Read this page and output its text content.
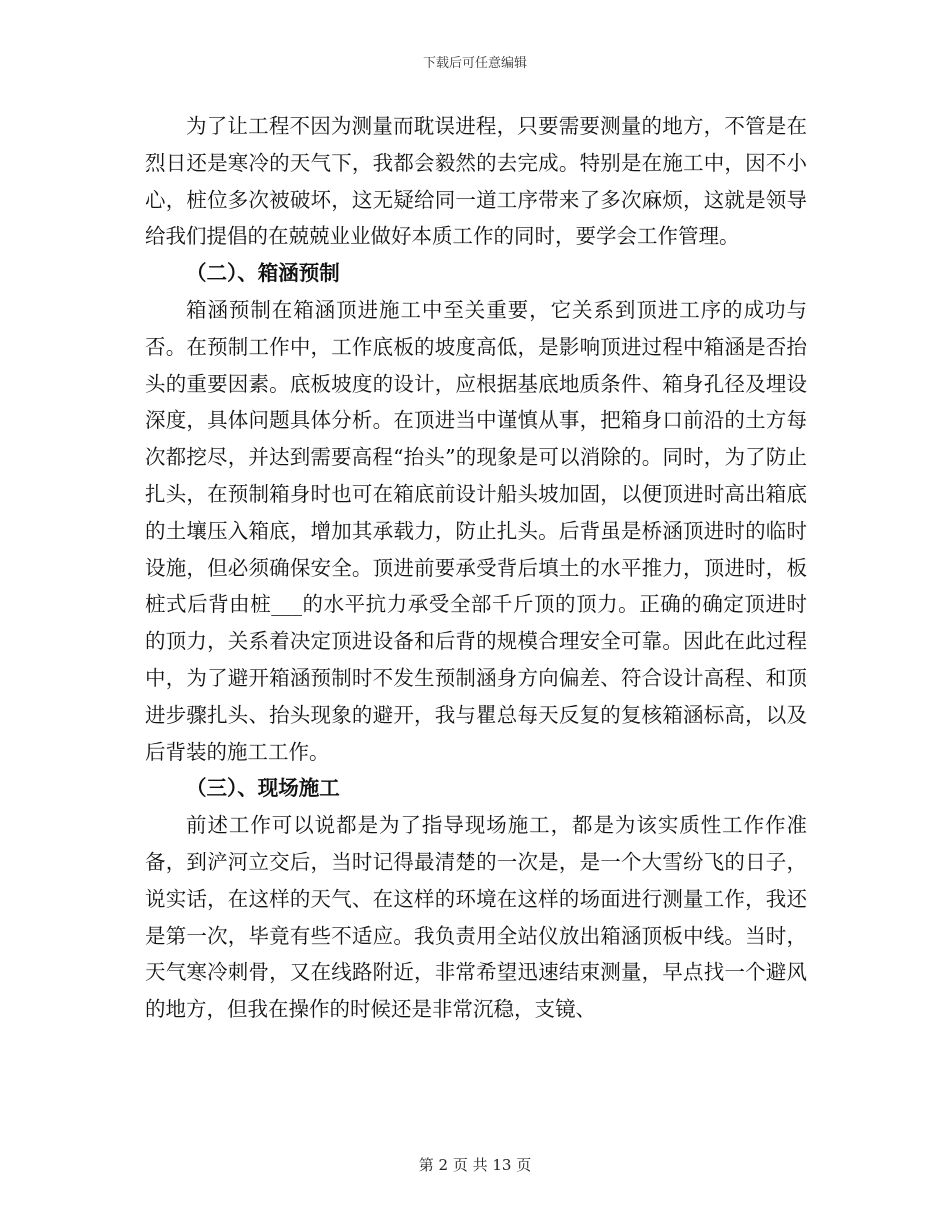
下载后可任意编辑

为了让工程不因为测量而耽误进程，只要需要测量的地方，不管是在烈日还是寒冷的天气下，我都会毅然的去完成。特别是在施工中，因不小心，桩位多次被破坏，这无疑给同一道工序带来了多次麻烦，这就是领导给我们提倡的在兢兢业业做好本质工作的同时，要学会工作管理。

（二）、箱涵预制

箱涵预制在箱涵顶进施工中至关重要，它关系到顶进工序的成功与否。在预制工作中，工作底板的坡度高低，是影响顶进过程中箱涵是否抬头的重要因素。底板坡度的设计，应根据基底地质条件、箱身孔径及埋设深度，具体问题具体分析。在顶进当中谨慎从事，把箱身口前沿的土方每次都挖尽，并达到需要高程“抬头”的现象是可以消除的。同时，为了防止扎头，在预制箱身时也可在箱底前设计船头坡加固，以便顶进时高出箱底的土壤压入箱底，增加其承载力，防止扎头。后背虽是桥涵顶进时的临时设施，但必须确保安全。顶进前要承受背后填土的水平推力，顶进时，板桩式后背由桩___的水平抗力承受全部千斤顶的顶力。正确的确定顶进时的顶力，关系着决定顶进设备和后背的规模合理安全可靠。因此在此过程中，为了避开箱涵预制时不发生预制涵身方向偏差、符合设计高程、和顶进步骤扎头、抬头现象的避开，我与瞿总每天反复的复核箱涵标高，以及后背装的施工工作。

（三）、现场施工

前述工作可以说都是为了指导现场施工，都是为该实质性工作作准备，到浐河立交后，当时记得最清楚的一次是，是一个大雪纷飞的日子，说实话，在这样的天气、在这样的环境在这样的场面进行测量工作，我还是第一次，毕竟有些不适应。我负责用全站仪放出箱涵顶板中线。当时，天气寒冷刺骨，又在线路附近，非常希望迅速结束测量，早点找一个避风的地方，但我在操作的时候还是非常沉稳，支镜、

第 2 页 共 13 页
